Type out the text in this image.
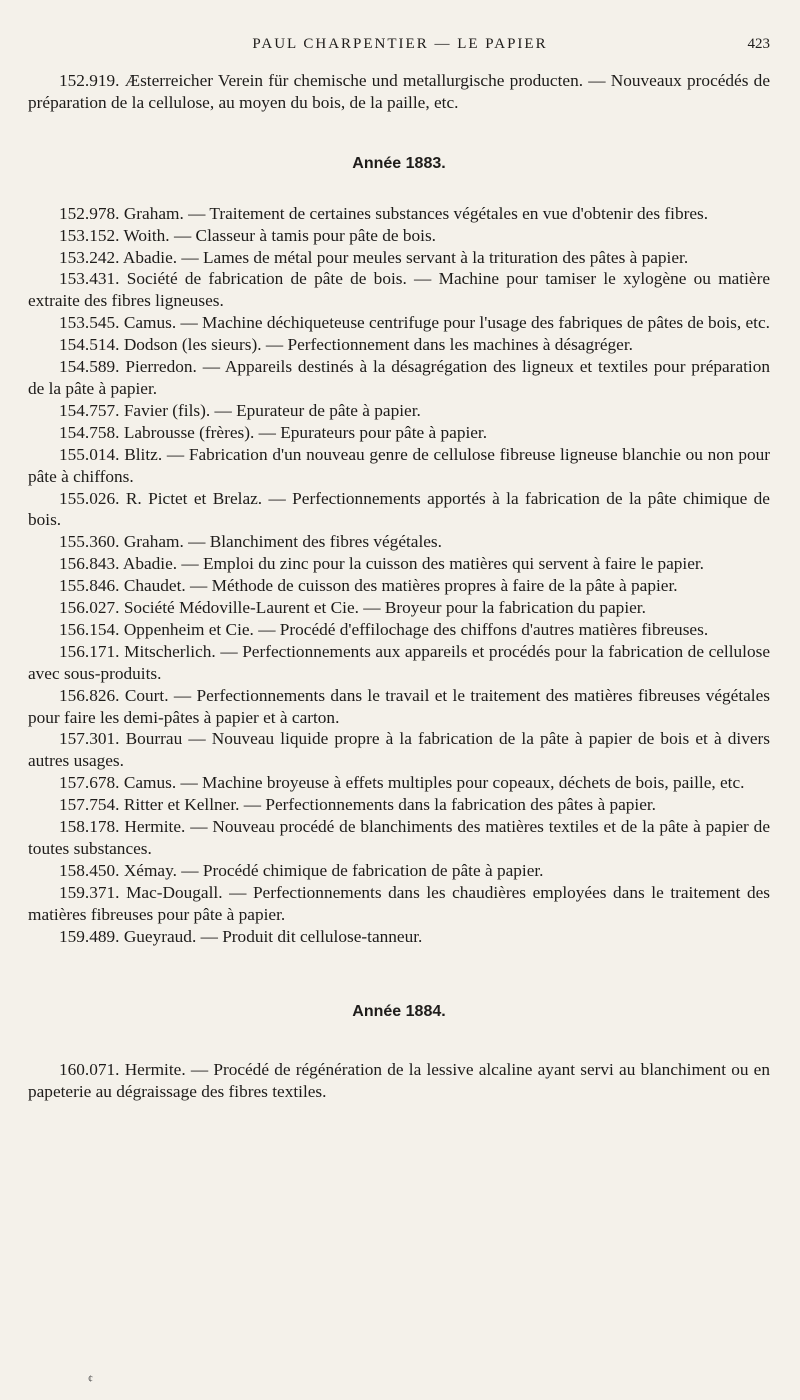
PAUL CHARPENTIER — LE PAPIER	423

152.919. Æsterreicher Verein für chemische und metallurgische producten. — Nouveaux procédés de préparation de la cellulose, au moyen du bois, de la paille, etc.

Année 1883.

152.978. Graham. — Traitement de certaines substances végétales en vue d'obtenir des fibres.

153.152. Woith. — Classeur à tamis pour pâte de bois.

153.242. Abadie. — Lames de métal pour meules servant à la trituration des pâtes à papier.

153.431. Société de fabrication de pâte de bois. — Machine pour tamiser le xylogène ou matière extraite des fibres ligneuses.

153.545. Camus. — Machine déchiqueteuse centrifuge pour l'usage des fabriques de pâtes de bois, etc.

154.514. Dodson (les sieurs). — Perfectionnement dans les machines à désagréger.

154.589. Pierredon. — Appareils destinés à la désagrégation des ligneux et textiles pour préparation de la pâte à papier.

154.757. Favier (fils). — Epurateur de pâte à papier.

154.758. Labrousse (frères). — Epurateurs pour pâte à papier.

155.014. Blitz. — Fabrication d'un nouveau genre de cellulose fibreuse ligneuse blanchie ou non pour pâte à chiffons.

155.026. R. Pictet et Brelaz. — Perfectionnements apportés à la fabrication de la pâte chimique de bois.

155.360. Graham. — Blanchiment des fibres végétales.

156.843. Abadie. — Emploi du zinc pour la cuisson des matières qui servent à faire le papier.

155.846. Chaudet. — Méthode de cuisson des matières propres à faire de la pâte à papier.

156.027. Société Médoville-Laurent et Cie. — Broyeur pour la fabrication du papier.

156.154. Oppenheim et Cie. — Procédé d'effilochage des chiffons d'autres matières fibreuses.

156.171. Mitscherlich. — Perfectionnements aux appareils et procédés pour la fabrication de cellulose avec sous-produits.

156.826. Court. — Perfectionnements dans le travail et le traitement des matières fibreuses végétales pour faire les demi-pâtes à papier et à carton.

157.301. Bourrau — Nouveau liquide propre à la fabrication de la pâte à papier de bois et à divers autres usages.

157.678. Camus. — Machine broyeuse à effets multiples pour copeaux, déchets de bois, paille, etc.

157.754. Ritter et Kellner. — Perfectionnements dans la fabrication des pâtes à papier.

158.178. Hermite. — Nouveau procédé de blanchiments des matières textiles et de la pâte à papier de toutes substances.

158.450. Xémay. — Procédé chimique de fabrication de pâte à papier.

159.371. Mac-Dougall. — Perfectionnements dans les chaudières employées dans le traitement des matières fibreuses pour pâte à papier.

159.489. Gueyraud. — Produit dit cellulose-tanneur.

Année 1884.

160.071. Hermite. — Procédé de régénération de la lessive alcaline ayant servi au blanchiment ou en papeterie au dégraissage des fibres textiles.

¢
